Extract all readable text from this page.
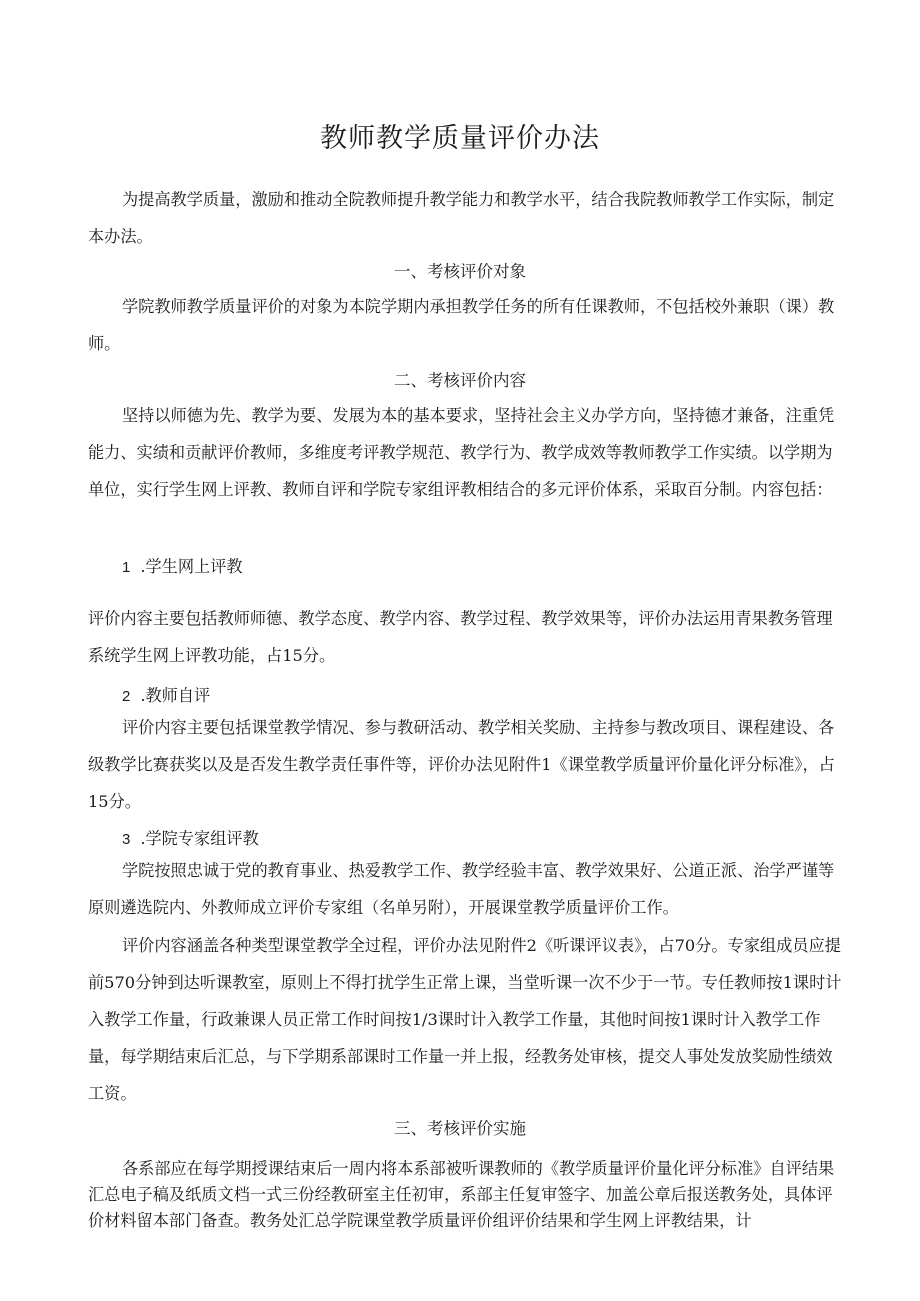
教师教学质量评价办法

为提高教学质量，激励和推动全院教师提升教学能力和教学水平，结合我院教师教学工作实际，制定本办法。

一、考核评价对象

学院教师教学质量评价的对象为本院学期内承担教学任务的所有任课教师，不包括校外兼职（课）教师。

二、考核评价内容

坚持以师德为先、教学为要、发展为本的基本要求，坚持社会主义办学方向，坚持德才兼备，注重凭能力、实绩和贡献评价教师，多维度考评教学规范、教学行为、教学成效等教师教学工作实绩。以学期为单位，实行学生网上评教、教师自评和学院专家组评教相结合的多元评价体系，采取百分制。内容包括：

1 .学生网上评教

评价内容主要包括教师师德、教学态度、教学内容、教学过程、教学效果等，评价办法运用青果教务管理系统学生网上评教功能，占15分。

2 .教师自评

评价内容主要包括课堂教学情况、参与教研活动、教学相关奖励、主持参与教改项目、课程建设、各级教学比赛获奖以及是否发生教学责任事件等，评价办法见附件1《课堂教学质量评价量化评分标准》，占15分。

3 .学院专家组评教

学院按照忠诚于党的教育事业、热爱教学工作、教学经验丰富、教学效果好、公道正派、治学严谨等原则遴选院内、外教师成立评价专家组（名单另附），开展课堂教学质量评价工作。

评价内容涵盖各种类型课堂教学全过程，评价办法见附件2《听课评议表》，占70分。专家组成员应提前570分钟到达听课教室，原则上不得打扰学生正常上课，当堂听课一次不少于一节。专任教师按1课时计入教学工作量，行政兼课人员正常工作时间按1/3课时计入教学工作量，其他时间按1课时计入教学工作量，每学期结束后汇总，与下学期系部课时工作量一并上报，经教务处审核，提交人事处发放奖励性绩效工资。

三、考核评价实施

各系部应在每学期授课结束后一周内将本系部被听课教师的《教学质量评价量化评分标准》自评结果汇总电子稿及纸质文档一式三份经教研室主任初审，系部主任复审签字、加盖公章后报送教务处，具体评价材料留本部门备查。教务处汇总学院课堂教学质量评价组评价结果和学生网上评教结果，计
